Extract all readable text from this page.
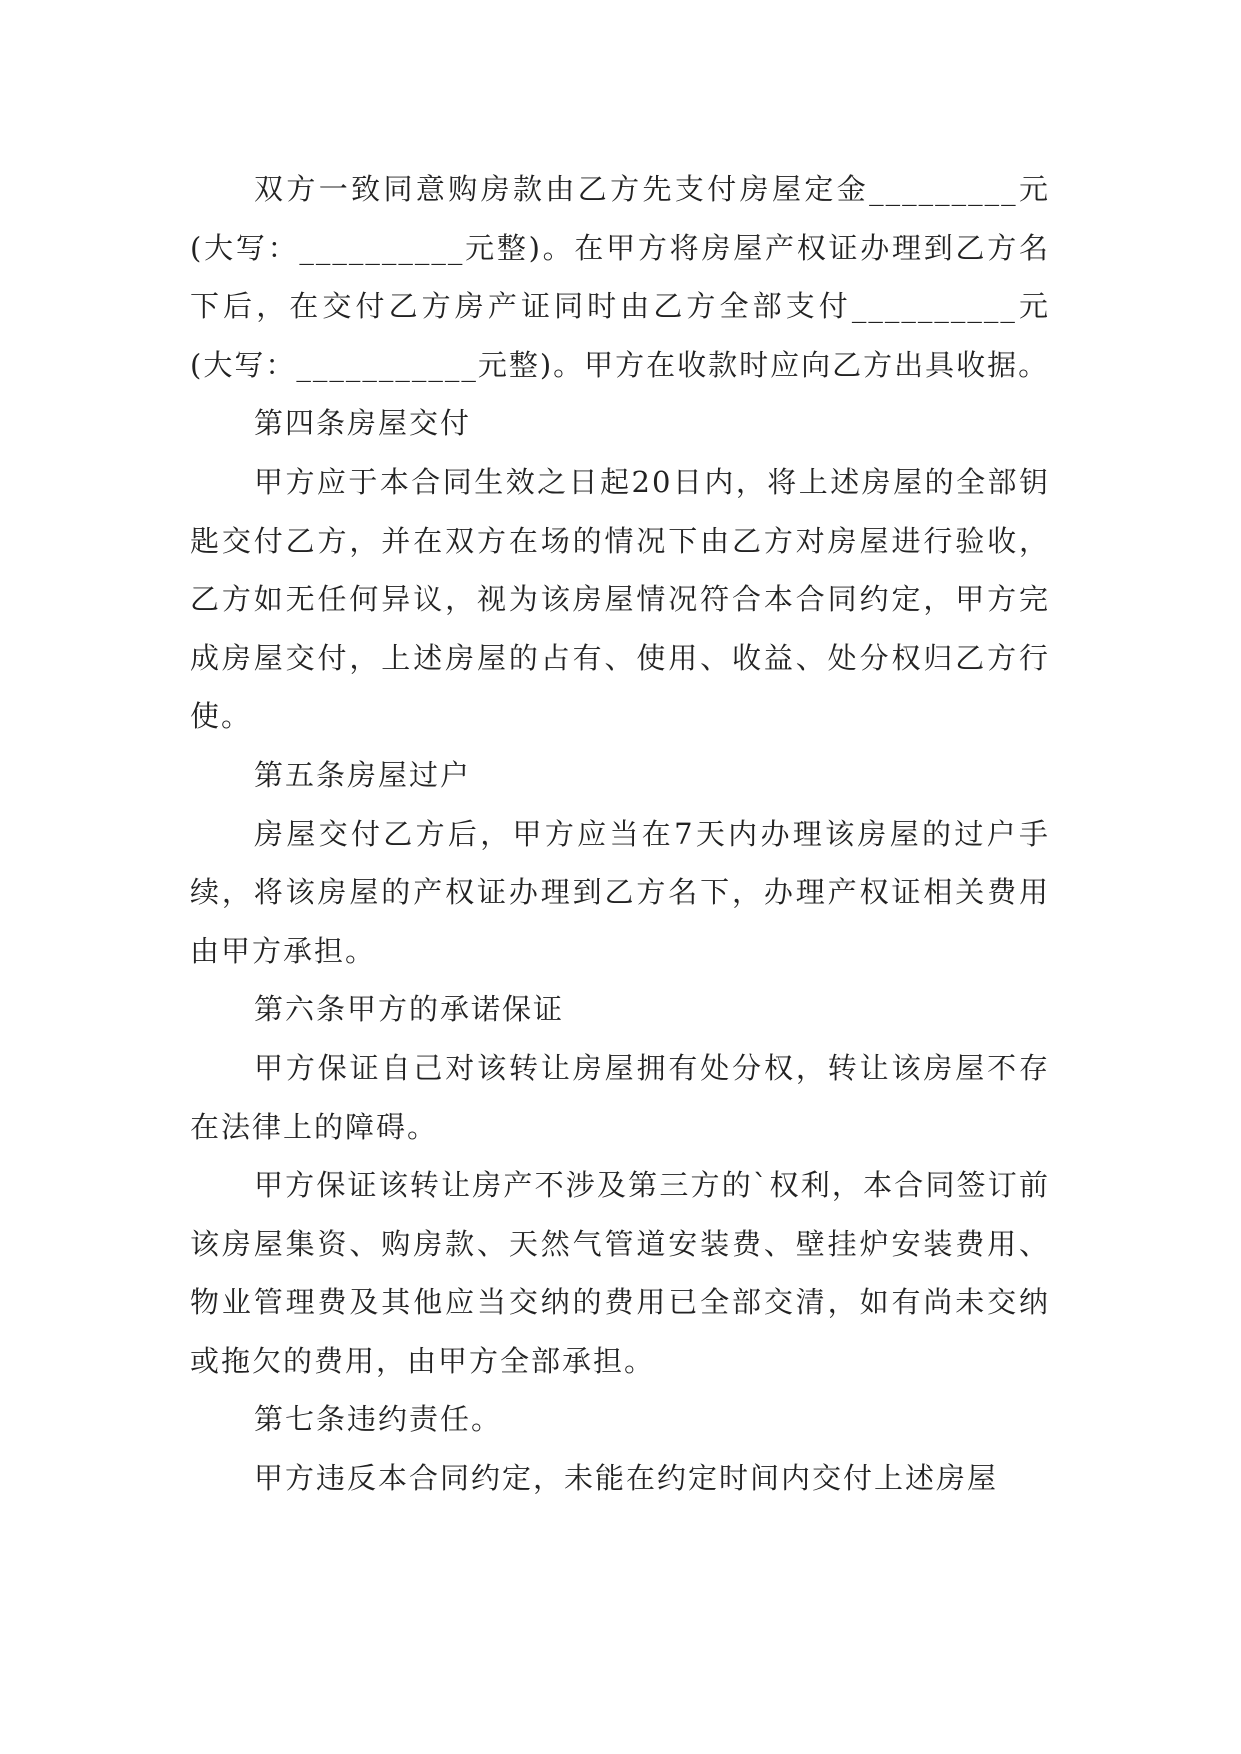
双方一致同意购房款由乙方先支付房屋定金_________元(大写：__________元整)。在甲方将房屋产权证办理到乙方名下后，在交付乙方房产证同时由乙方全部支付__________元(大写：___________元整)。甲方在收款时应向乙方出具收据。

第四条房屋交付

甲方应于本合同生效之日起20日内，将上述房屋的全部钥匙交付乙方，并在双方在场的情况下由乙方对房屋进行验收，乙方如无任何异议，视为该房屋情况符合本合同约定，甲方完成房屋交付，上述房屋的占有、使用、收益、处分权归乙方行使。

第五条房屋过户

房屋交付乙方后，甲方应当在7天内办理该房屋的过户手续，将该房屋的产权证办理到乙方名下，办理产权证相关费用由甲方承担。

第六条甲方的承诺保证

甲方保证自己对该转让房屋拥有处分权，转让该房屋不存在法律上的障碍。

甲方保证该转让房产不涉及第三方的`权利，本合同签订前该房屋集资、购房款、天然气管道安装费、壁挂炉安装费用、物业管理费及其他应当交纳的费用已全部交清，如有尚未交纳或拖欠的费用，由甲方全部承担。

第七条违约责任。

甲方违反本合同约定，未能在约定时间内交付上述房屋
